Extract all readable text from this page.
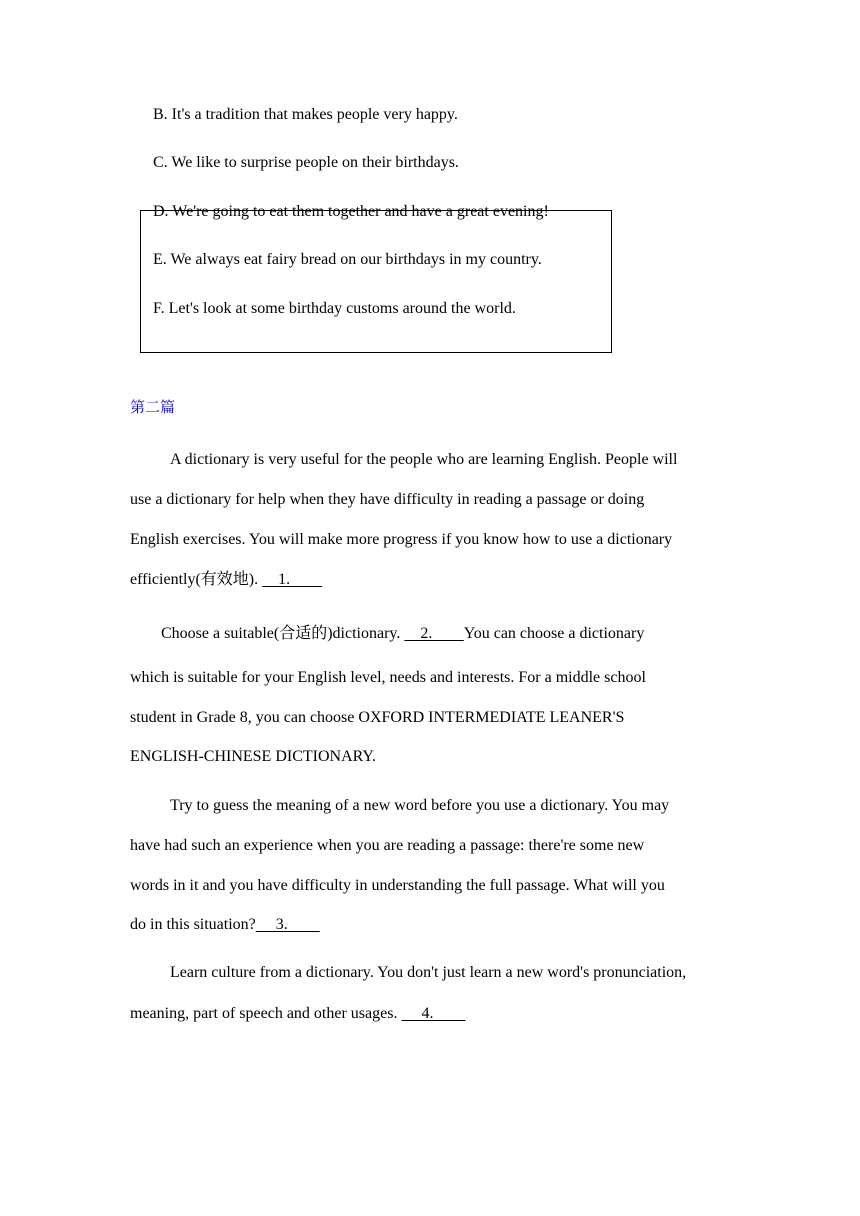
B. It's a tradition that makes people very happy.
C. We like to surprise people on their birthdays.
D. We're going to eat them together and have a great evening!
E. We always eat fairy bread on our birthdays in my country.
F. Let's look at some birthday customs around the world.
第二篇
A dictionary is very useful for the people who are learning English. People will
use a dictionary for help when they have difficulty in reading a passage or doing
English exercises. You will make more progress if you know how to use a dictionary
efficiently(有效地).     1.
Choose a suitable(合适的)dictionary.     2.        You can choose a dictionary
which is suitable for your English level, needs and interests. For a middle school
student in Grade 8, you can choose OXFORD INTERMEDIATE LEANER'S
ENGLISH-CHINESE DICTIONARY.
Try to guess the meaning of a new word before you use a dictionary. You may
have had such an experience when you are reading a passage: there're some new
words in it and you have difficulty in understanding the full passage. What will you
do in this situation?     3.
Learn culture from a dictionary. You don't just learn a new word's pronunciation,
meaning, part of speech and other usages.      4.
